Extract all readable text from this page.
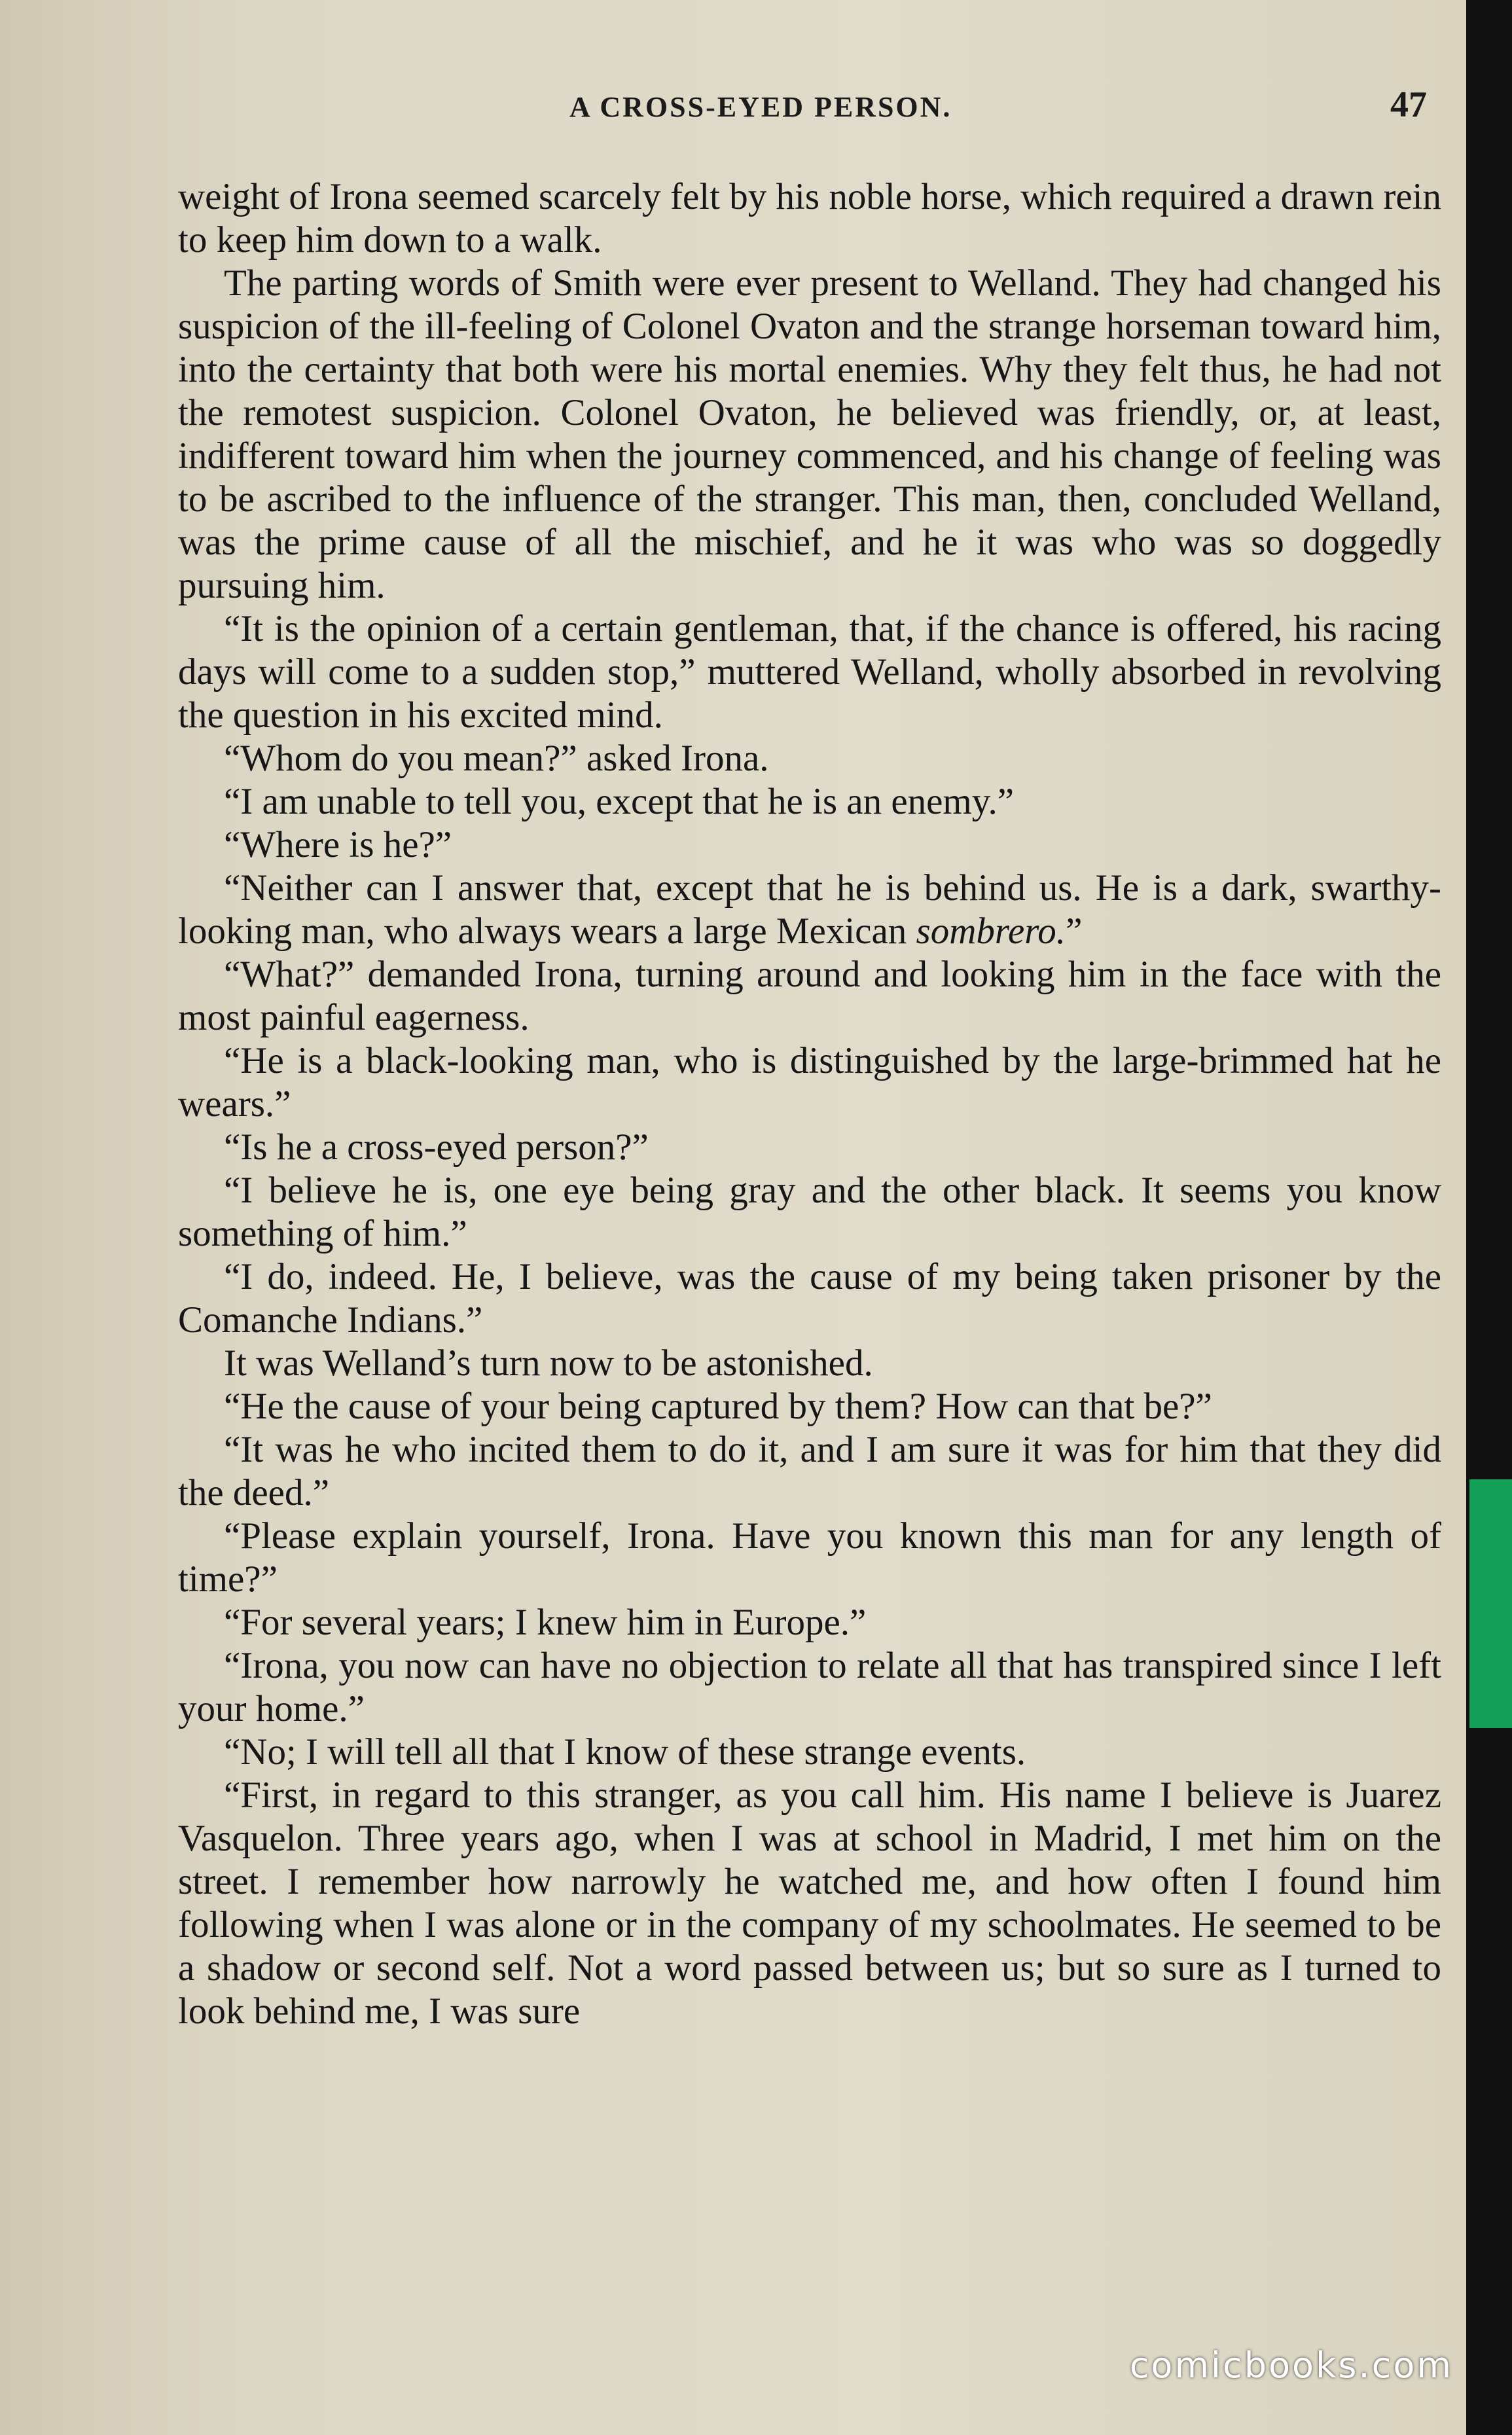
A CROSS-EYED PERSON.	47

weight of Irona seemed scarcely felt by his noble horse, which required a drawn rein to keep him down to a walk.

The parting words of Smith were ever present to Welland. They had changed his suspicion of the ill-feeling of Colonel Ovaton and the strange horseman toward him, into the certainty that both were his mortal enemies. Why they felt thus, he had not the remotest suspicion. Colonel Ovaton, he believed was friendly, or, at least, indifferent toward him when the journey commenced, and his change of feeling was to be ascribed to the influence of the stranger. This man, then, concluded Welland, was the prime cause of all the mischief, and he it was who was so doggedly pursuing him.

“It is the opinion of a certain gentleman, that, if the chance is offered, his racing days will come to a sudden stop,” muttered Welland, wholly absorbed in revolving the question in his excited mind.

“Whom do you mean?” asked Irona.

“I am unable to tell you, except that he is an enemy.”

“Where is he?”

“Neither can I answer that, except that he is behind us. He is a dark, swarthy-looking man, who always wears a large Mexican sombrero.”

“What?” demanded Irona, turning around and looking him in the face with the most painful eagerness.

“He is a black-looking man, who is distinguished by the large-brimmed hat he wears.”

“Is he a cross-eyed person?”

“I believe he is, one eye being gray and the other black. It seems you know something of him.”

“I do, indeed. He, I believe, was the cause of my being taken prisoner by the Comanche Indians.”

It was Welland’s turn now to be astonished.

“He the cause of your being captured by them? How can that be?”

“It was he who incited them to do it, and I am sure it was for him that they did the deed.”

“Please explain yourself, Irona. Have you known this man for any length of time?”

“For several years; I knew him in Europe.”

“Irona, you now can have no objection to relate all that has transpired since I left your home.”

“No; I will tell all that I know of these strange events.

“First, in regard to this stranger, as you call him. His name I believe is Juarez Vasquelon. Three years ago, when I was at school in Madrid, I met him on the street. I remember how narrowly he watched me, and how often I found him following when I was alone or in the company of my schoolmates. He seemed to be a shadow or second self. Not a word passed between us; but so sure as I turned to look behind me, I was sure

comicbooks.com
